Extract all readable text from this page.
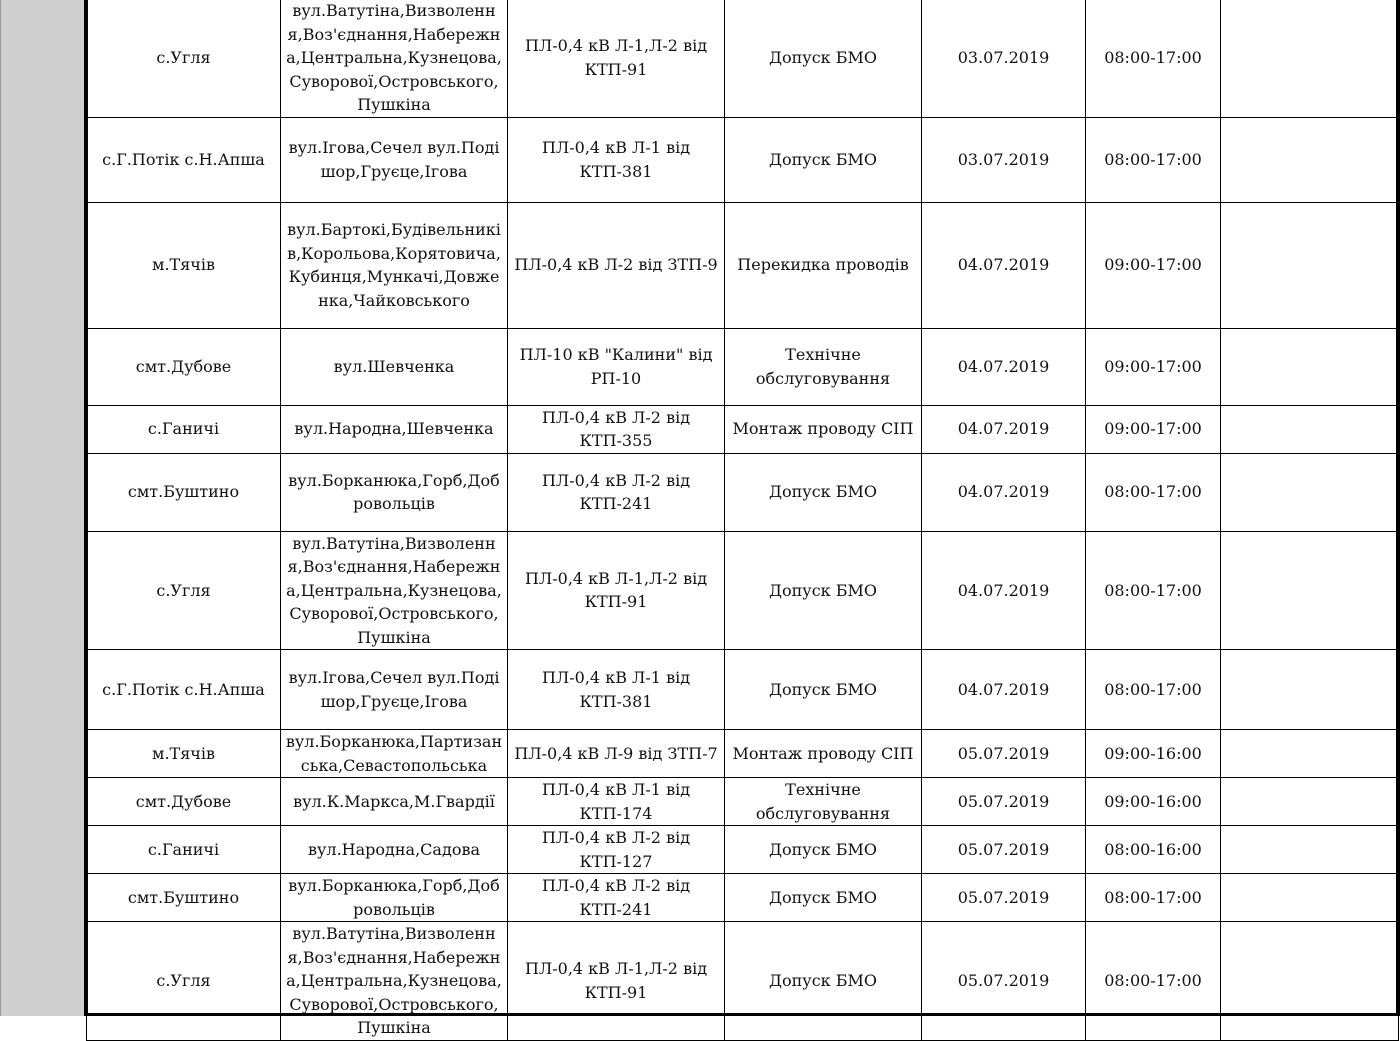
с.Угля	вул.Ватутіна,Визволення,Воз'єднання,Набережна,Центральна,Кузнецова,Суворової,Островського,Пушкіна	ПЛ-0,4 кВ Л-1,Л-2 від КТП-91	Допуск БМО	03.07.2019	08:00-17:00	
с.Г.Потік с.Н.Апша	вул.Ігова,Сечел вул.Подішор,Груєце,Ігова	ПЛ-0,4 кВ Л-1 від КТП-381	Допуск БМО	03.07.2019	08:00-17:00	
м.Тячів	вул.Бартокі,Будівельників,Корольова,Корятовича,Кубинця,Мункачі,Довженка,Чайковського	ПЛ-0,4 кВ Л-2 від ЗТП-9	Перекидка проводів	04.07.2019	09:00-17:00	
смт.Дубове	вул.Шевченка	ПЛ-10 кВ "Калини" від РП-10	Технічне обслуговування	04.07.2019	09:00-17:00	
с.Ганичі	вул.Народна,Шевченка	ПЛ-0,4 кВ Л-2 від КТП-355	Монтаж проводу СІП	04.07.2019	09:00-17:00	
смт.Буштино	вул.Борканюка,Горб,Добровольців	ПЛ-0,4 кВ Л-2 від КТП-241	Допуск БМО	04.07.2019	08:00-17:00	
с.Угля	вул.Ватутіна,Визволення,Воз'єднання,Набережна,Центральна,Кузнецова,Суворової,Островського,Пушкіна	ПЛ-0,4 кВ Л-1,Л-2 від КТП-91	Допуск БМО	04.07.2019	08:00-17:00	
с.Г.Потік с.Н.Апша	вул.Ігова,Сечел вул.Подішор,Груєце,Ігова	ПЛ-0,4 кВ Л-1 від КТП-381	Допуск БМО	04.07.2019	08:00-17:00	
м.Тячів	вул.Борканюка,Партизанська,Севастопольська	ПЛ-0,4 кВ Л-9 від ЗТП-7	Монтаж проводу СІП	05.07.2019	09:00-16:00	
смт.Дубове	вул.К.Маркса,М.Гвардії	ПЛ-0,4 кВ Л-1 від КТП-174	Технічне обслуговування	05.07.2019	09:00-16:00	
с.Ганичі	вул.Народна,Садова	ПЛ-0,4 кВ Л-2 від КТП-127	Допуск БМО	05.07.2019	08:00-16:00	
смт.Буштино	вул.Борканюка,Горб,Добровольців	ПЛ-0,4 кВ Л-2 від КТП-241	Допуск БМО	05.07.2019	08:00-17:00	
с.Угля	вул.Ватутіна,Визволення,Воз'єднання,Набережна,Центральна,Кузнецова,Суворової,Островського,Пушкіна	ПЛ-0,4 кВ Л-1,Л-2 від КТП-91	Допуск БМО	05.07.2019	08:00-17:00	
